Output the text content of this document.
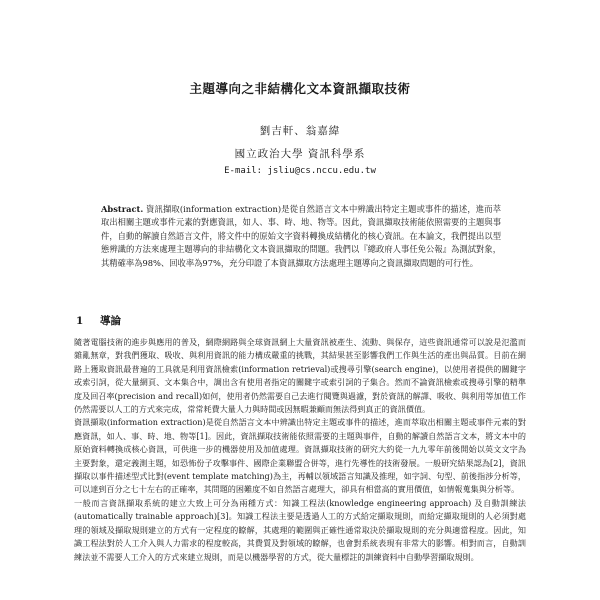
主題導向之非結構化文本資訊擷取技術
劉吉軒、翁嘉緯
國立政治大學 資訊科學系
E-mail: jsliu@cs.nccu.edu.tw
Abstract. 資訊擷取(information extraction)是從自然語言文本中辨識出特定主題或事件的描述，進而萃取出相關主題或事件元素的對應資訊，如人、事、時、地、物等。因此，資訊擷取技術能依照需要的主題與事件，自動的解讀自然語言文件，將文件中的原始文字資料轉換成結構化的核心資訊。在本論文，我們提出以型態辨識的方法來處理主題導向的非結構化文本資訊擷取的問題。我們以『總政府人事任免公報』為測試對象，其精確率為98%、回收率為97%，充分印證了本資訊擷取方法處理主題導向之資訊擷取問題的可行性。
1 導論

隨著電腦技術的進步與應用的普及，網際網路與全球資訊網上大量資訊被產生、流動、與保存，這些資訊通常可以說是氾濫而雜亂無章，對我們獲取、吸收、與利用資訊的能力構成嚴重的挑戰，其結果甚至影響我們工作與生活的產出與品質。目前在網路上獲取資訊最普遍的工具就是利用資訊檢索(information retrieval)或搜尋引擎(search engine)，以使用者提供的關鍵字或索引詞，從大量網頁、文本集合中，調出含有使用者指定的關鍵字或索引詞的子集合。然而不論資訊檢索或搜尋引擎的精準度及回召率(precision and recall)如何，使用者仍然需要自己去進行閱覽與過濾，對於資訊的解譯、吸收、與利用等加值工作仍然需要以人工的方式來完成，常常耗費大量人力與時間或因無暇兼顧而無法得到真正的資訊價值。

資訊擷取(information extraction)是從自然語言文本中辨識出特定主題或事件的描述，進而萃取出相關主題或事件元素的對應資訊，如人、事、時、地、物等[1]。因此，資訊擷取技術能依照需要的主題與事件，自動的解讀自然語言文本，將文本中的原始資料轉換成核心資訊，可供進一步的機器使用及加值處理。資訊擷取技術的研究大約從一九九零年前後開始以英文文字為主要對象，還定義測主題，如恐怖份子攻擊事件、國際企業聯盟合併等，進行先導性的技術發展。一般研究結果認為[2]，資訊擷取以事件描述型式比對(event template matching)為主，再輔以領域語言知識及推理，如字詞、句型、前後指涉分析等，可以達到百分之七十左右的正確率，其問題的困難度不如自然語言處理大，卻具有相當高的實用價值，如情報蒐集與分析等。

一般而言資訊擷取系統的建立大致上可分為兩種方式：知識工程法(knowledge engineering approach) 及自動訓練法(automatically trainable approach)[3]。知識工程法主要是透過人工的方式給定擷取規則，而給定擷取規則的人必須對處理的領域及擷取規則建立的方式有一定程度的瞭解，其處理的範圍與正確性通常取決於擷取規則的充分與適當程度。因此，知識工程法對於人工介入與人力需求的程度較高，其費質及對領域的瞭解，也會對系統表現有非常大的影響。相對而言，自動訓練法並不需要人工介入的方式來建立規則，而是以機器學習的方式，從大量標註的訓練資料中自動學習擷取規則。
